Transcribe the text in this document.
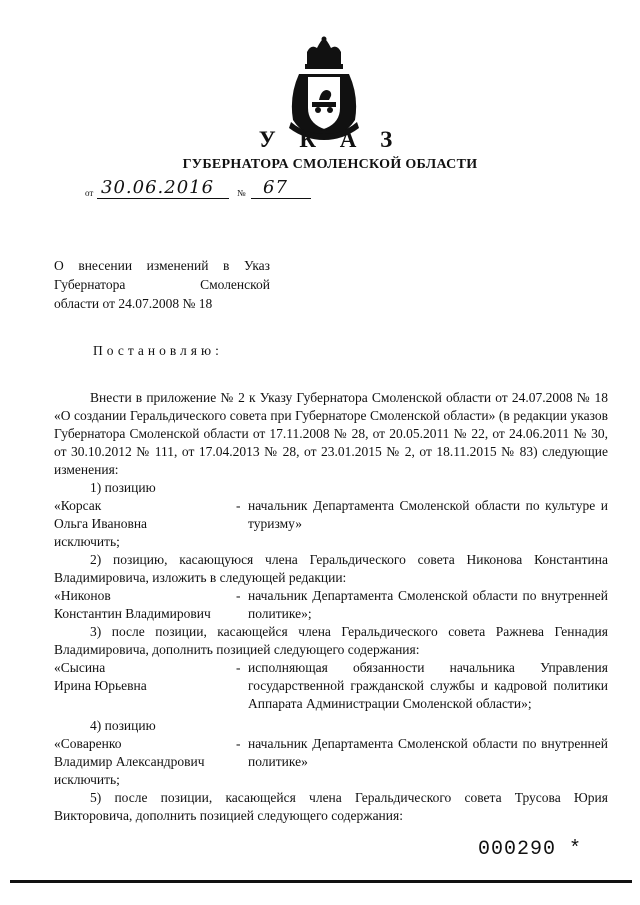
У К А З
ГУБЕРНАТОРА СМОЛЕНСКОЙ ОБЛАСТИ
от 30.06.2016	№ 67
О внесении изменений в Указ
Губернатора	Смоленской
области от 24.07.2008 № 18
Постановляю:
Внести в приложение № 2 к Указу Губернатора Смоленской области от 24.07.2008 № 18 «О создании Геральдического совета при Губернаторе Смоленской области» (в редакции указов Губернатора Смоленской области от 17.11.2008 № 28, от 20.05.2011 № 22, от 24.06.2011 № 30, от 30.10.2012 № 111, от 17.04.2013 № 28, от 23.01.2015 № 2, от 18.11.2015 № 83) следующие изменения:
1) позицию
«Корсак
Ольга Ивановна
- начальник Департамента Смоленской области по культуре и туризму»
исключить;
2) позицию, касающуюся члена Геральдического совета Никонова Константина Владимировича, изложить в следующей редакции:
«Никонов
Константин Владимирович
- начальник Департамента Смоленской области по внутренней политике»;
3) после позиции, касающейся члена Геральдического совета Ражнева Геннадия Владимировича, дополнить позицией следующего содержания:
«Сысина
Ирина Юрьевна
- исполняющая обязанности начальника Управления государственной гражданской службы и кадровой политики Аппарата Администрации Смоленской области»;
4) позицию
«Совaренко
Владимир Александрович
- начальник Департамента Смоленской области по внутренней политике»
исключить;
5) после позиции, касающейся члена Геральдического совета Трусова Юрия Викторовича, дополнить позицией следующего содержания:
000290 *
